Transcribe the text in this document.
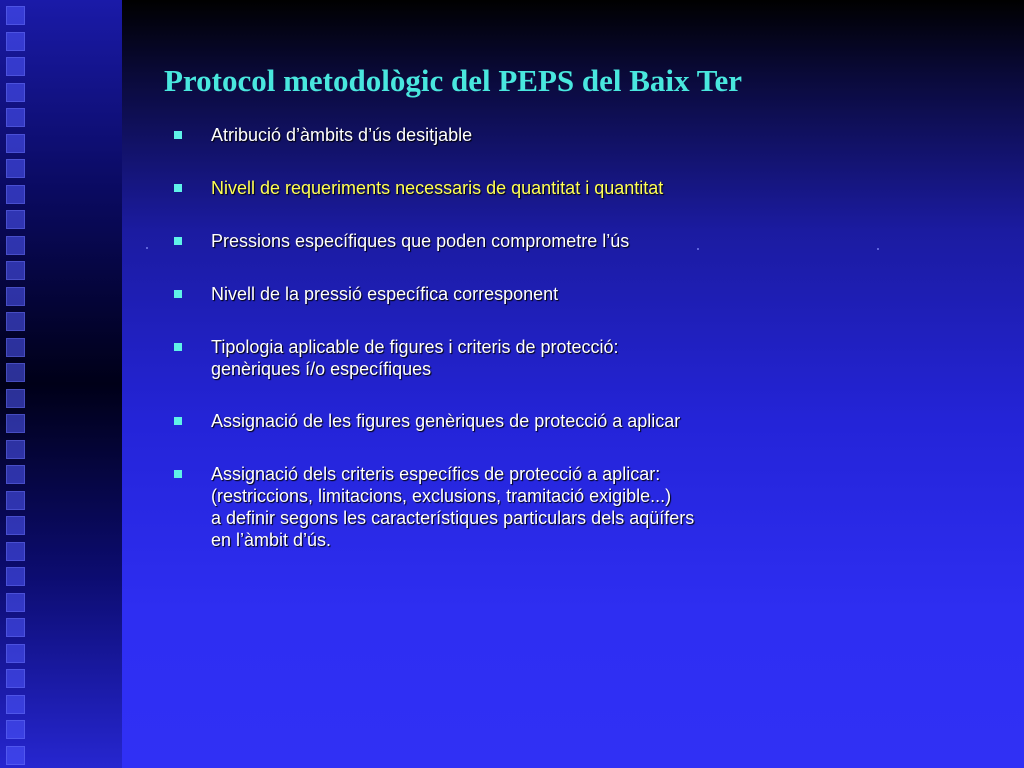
Protocol metodològic del PEPS del Baix Ter
Atribució d’àmbits d’ús desitjable
Nivell de requeriments necessaris de quantitat i quantitat
Pressions específiques que poden comprometre l’ús
Nivell de la pressió específica corresponent
Tipologia aplicable de figures i criteris de protecció:
genèriques í/o específiques
Assignació de les figures genèriques de protecció a aplicar
Assignació dels criteris específics de protecció a aplicar:
(restriccions, limitacions, exclusions, tramitació exigible...)
a definir segons les característiques particulars dels aqüífers
en l’àmbit d’ús.
